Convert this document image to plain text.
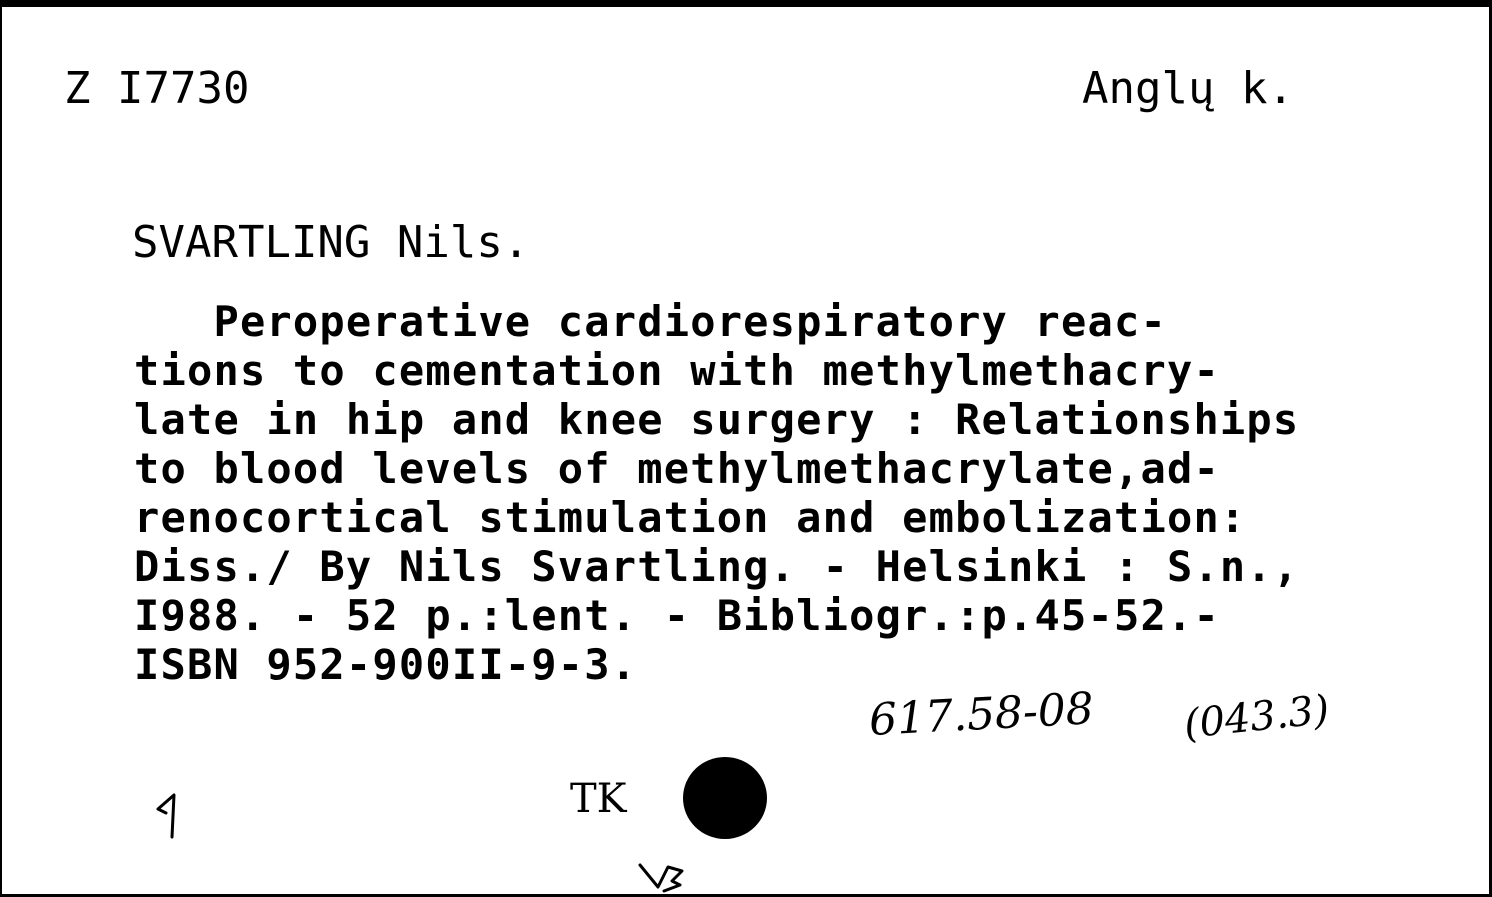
Z I7730	Anglų k.
SVARTLING Nils.
Peroperative cardiorespiratory reac-
tions to cementation with methylmethacry-
late in hip and knee surgery : Relationships
to blood levels of methylmethacrylate,ad-
renocortical stimulation and embolization:
Diss./ By Nils Svartling. - Helsinki : S.n.,
I988. - 52 p.:lent. - Bibliogr.:p.45-52.-
ISBN 952-900II-9-3.
617.58-08 (043.3)
TK
